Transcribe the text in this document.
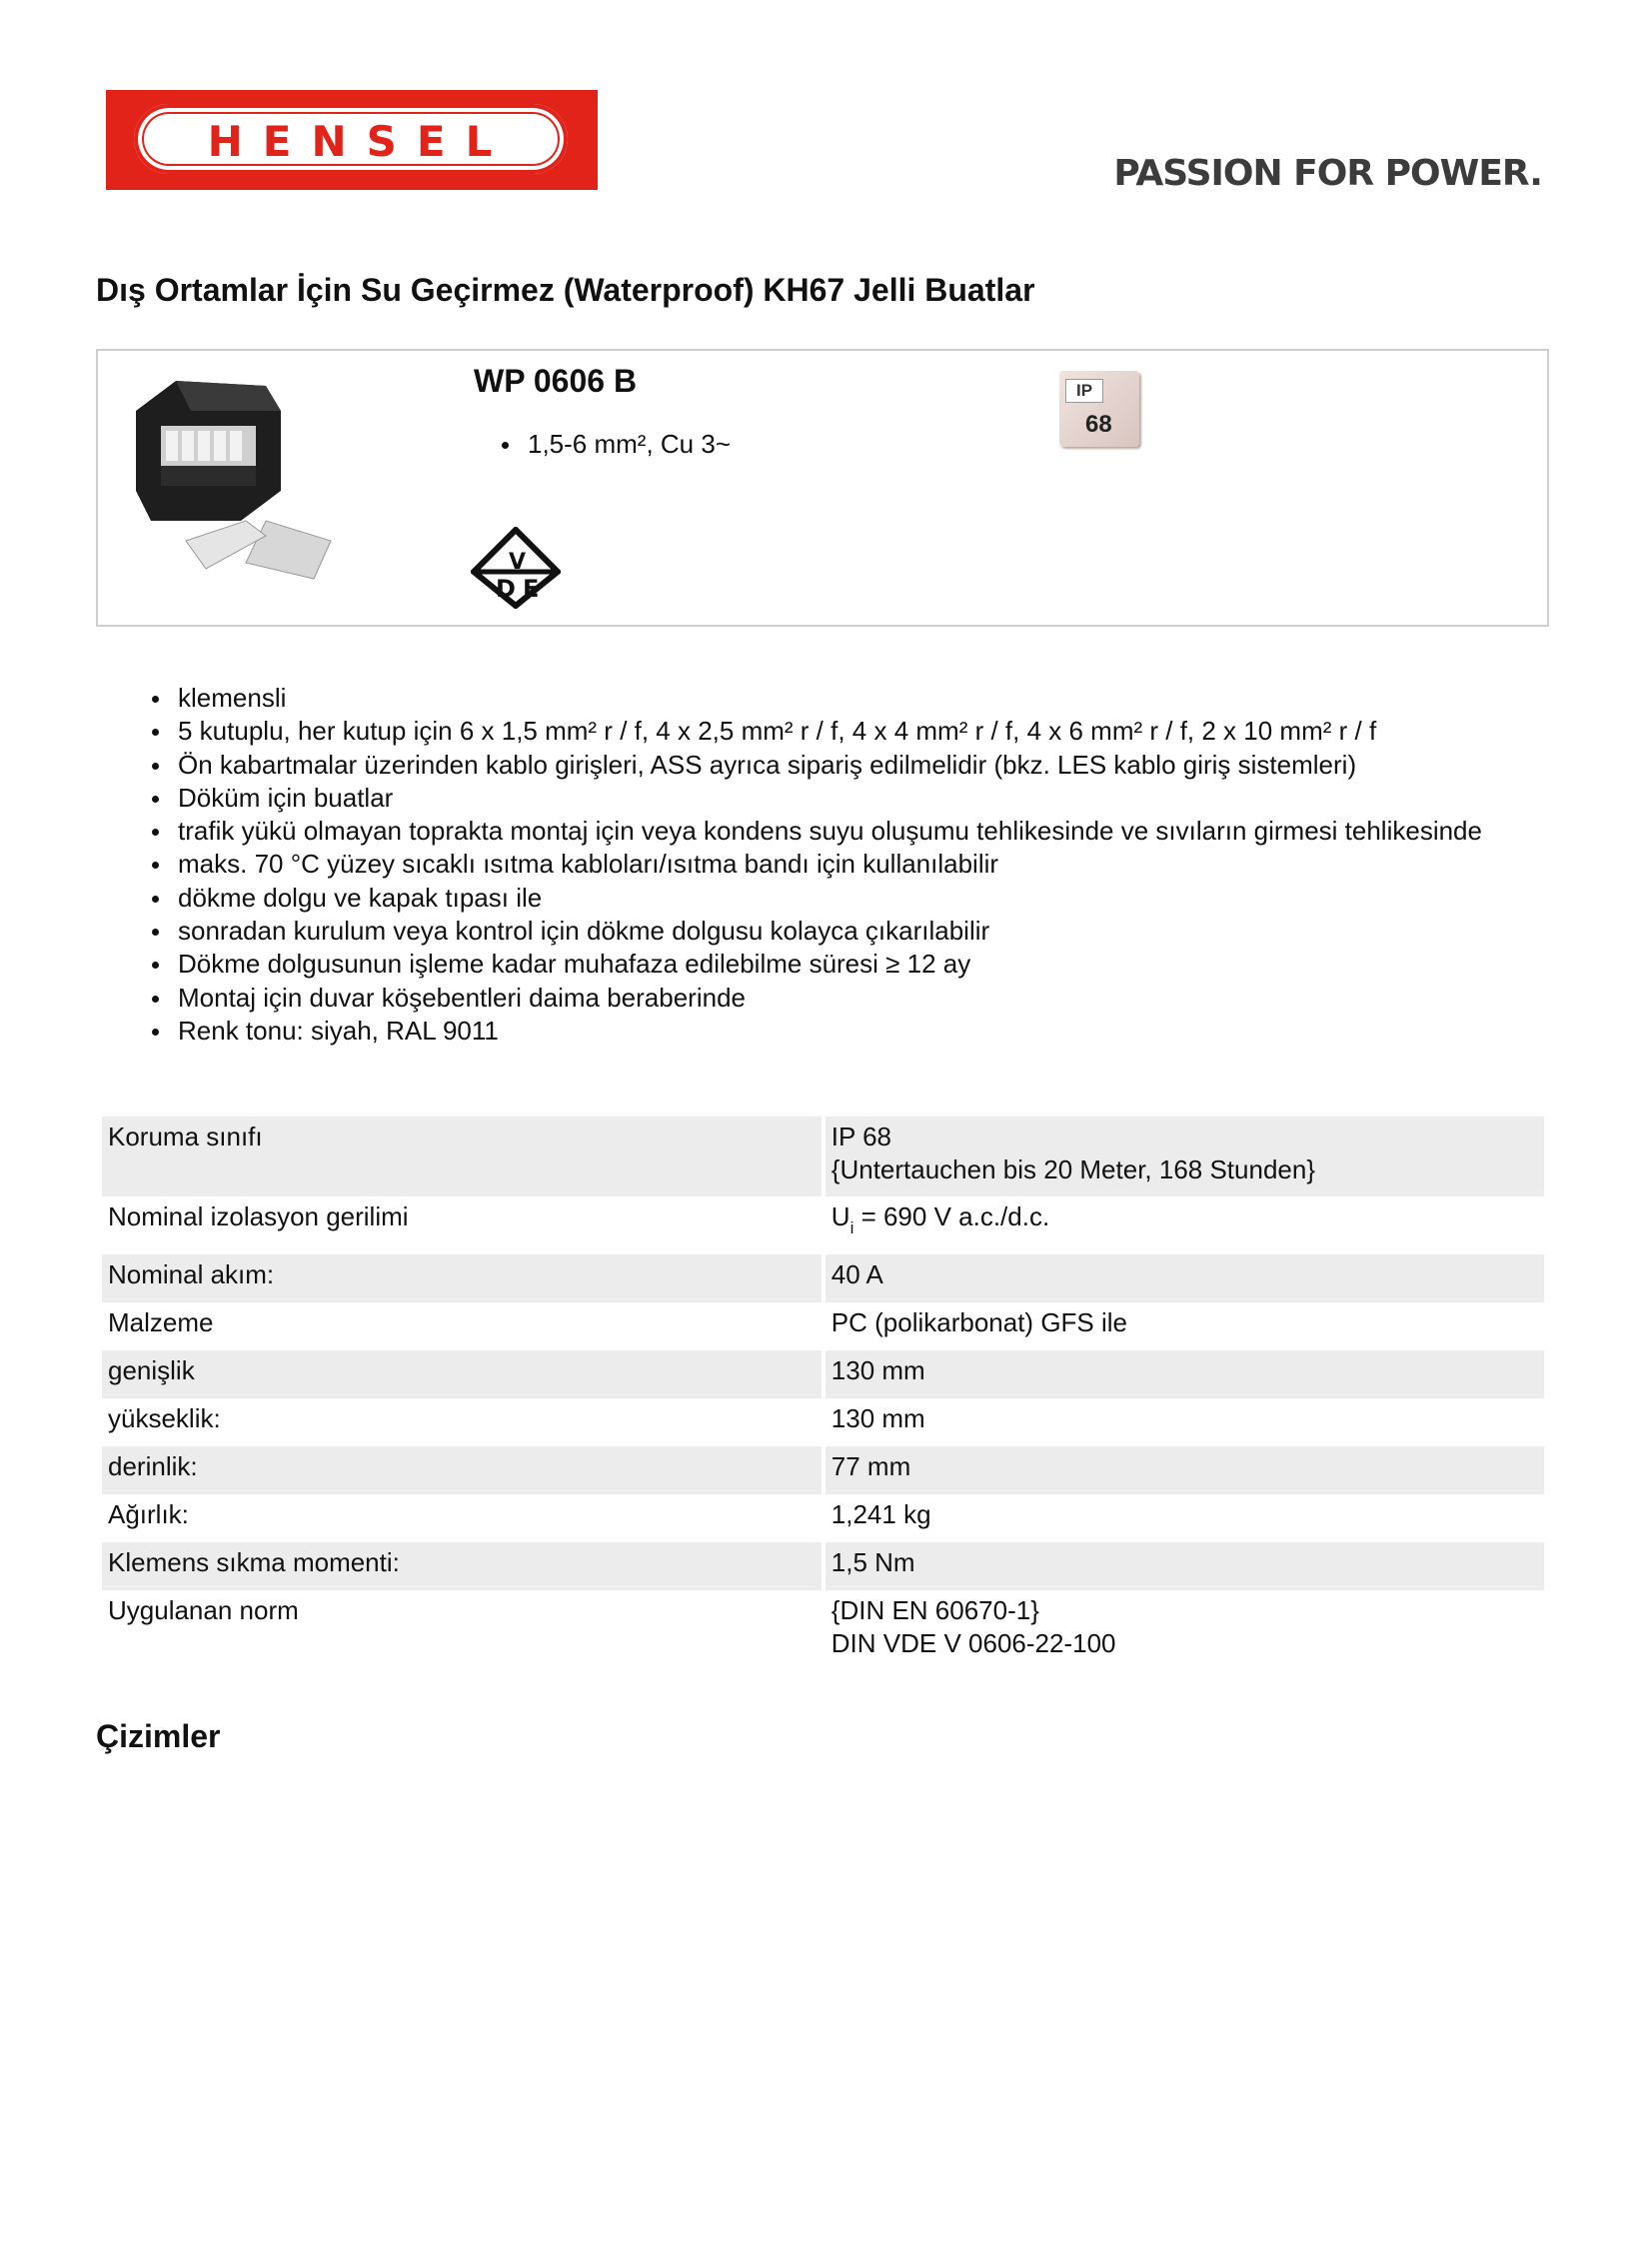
HENSEL
PASSION FOR POWER.
Dış Ortamlar İçin Su Geçirmez (Waterproof) KH67 Jelli Buatlar
WP 0606 B
1,5-6 mm², Cu 3~
IP
68
D
V
E
klemensli
5 kutuplu, her kutup için 6 x 1,5 mm² r / f, 4 x 2,5 mm² r / f, 4 x 4 mm² r / f, 4 x 6 mm² r / f, 2 x 10 mm² r / f
Ön kabartmalar üzerinden kablo girişleri, ASS ayrıca sipariş edilmelidir (bkz. LES kablo giriş sistemleri)
Döküm için buatlar
trafik yükü olmayan toprakta montaj için veya kondens suyu oluşumu tehlikesinde ve sıvıların girmesi tehlikesinde
maks. 70 °C yüzey sıcaklı ısıtma kabloları/ısıtma bandı için kullanılabilir
dökme dolgu ve kapak tıpası ile
sonradan kurulum veya kontrol için dökme dolgusu kolayca çıkarılabilir
Dökme dolgusunun işleme kadar muhafaza edilebilme süresi ≥ 12 ay
Montaj için duvar köşebentleri daima beraberinde
Renk tonu: siyah, RAL 9011
Koruma sınıfı	IP 68
{Untertauchen bis 20 Meter, 168 Stunden}

Nominal izolasyon gerilimi	$U_i = 690$ V a.c./d.c.
Nominal akım:	40 A
Malzeme	PC (polikarbonat) GFS ile
genişlik	130 mm
yükseklik:	130 mm
derinlik:	77 mm
Ağırlık:	1,241 kg
Klemens sıkma momenti:	1,5 Nm
Uygulanan norm	{DIN EN 60670-1}
DIN VDE V 0606-22-100
Çizimler
